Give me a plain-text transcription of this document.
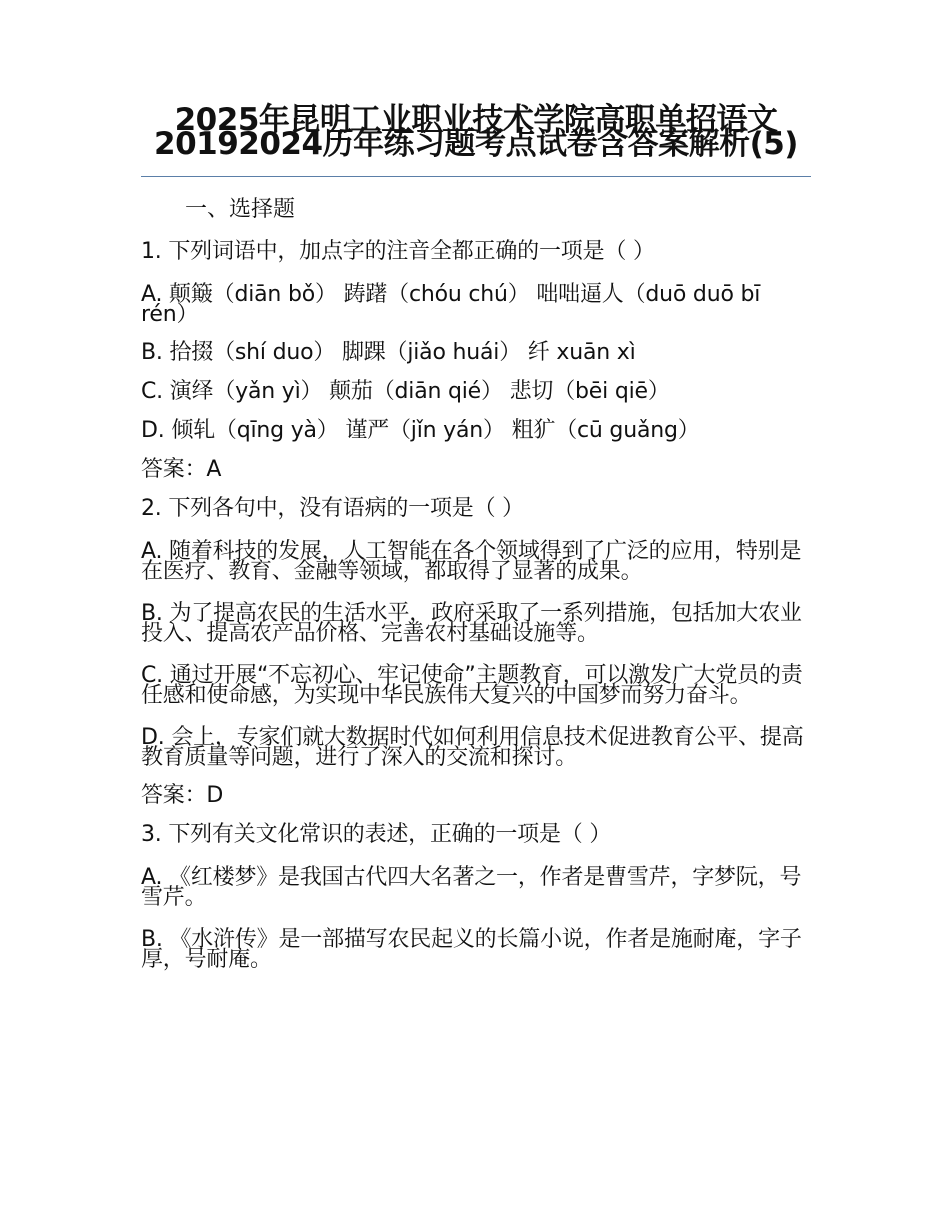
2025年昆明工业职业技术学院高职单招语文20192024历年练习题考点试卷含答案解析(5)
一、选择题
1. 下列词语中，加点字的注音全都正确的一项是（ ）
A. 颠簸（diān bǒ） 踌躇（chóu chú） 咄咄逼人（duō duō bī rén）
B. 拾掇（shí duo） 脚踝（jiǎo huái） 纤 xuān xì
C. 演绎（yǎn yì） 颠茄（diān qié） 悲切（bēi qiē）
D. 倾轧（qīng yà） 谨严（jǐn yán） 粗犷（cū guǎng）
答案：A
2. 下列各句中，没有语病的一项是（ ）
A. 随着科技的发展，人工智能在各个领域得到了广泛的应用，特别是在医疗、教育、金融等领域，都取得了显著的成果。
B. 为了提高农民的生活水平，政府采取了一系列措施，包括加大农业投入、提高农产品价格、完善农村基础设施等。
C. 通过开展“不忘初心、牢记使命”主题教育，可以激发广大党员的责任感和使命感，为实现中华民族伟大复兴的中国梦而努力奋斗。
D. 会上，专家们就大数据时代如何利用信息技术促进教育公平、提高教育质量等问题，进行了深入的交流和探讨。
答案：D
3. 下列有关文化常识的表述，正确的一项是（ ）
A. 《红楼梦》是我国古代四大名著之一，作者是曹雪芹，字梦阮，号雪芹。
B. 《水浒传》是一部描写农民起义的长篇小说，作者是施耐庵，字子厚，号耐庵。
